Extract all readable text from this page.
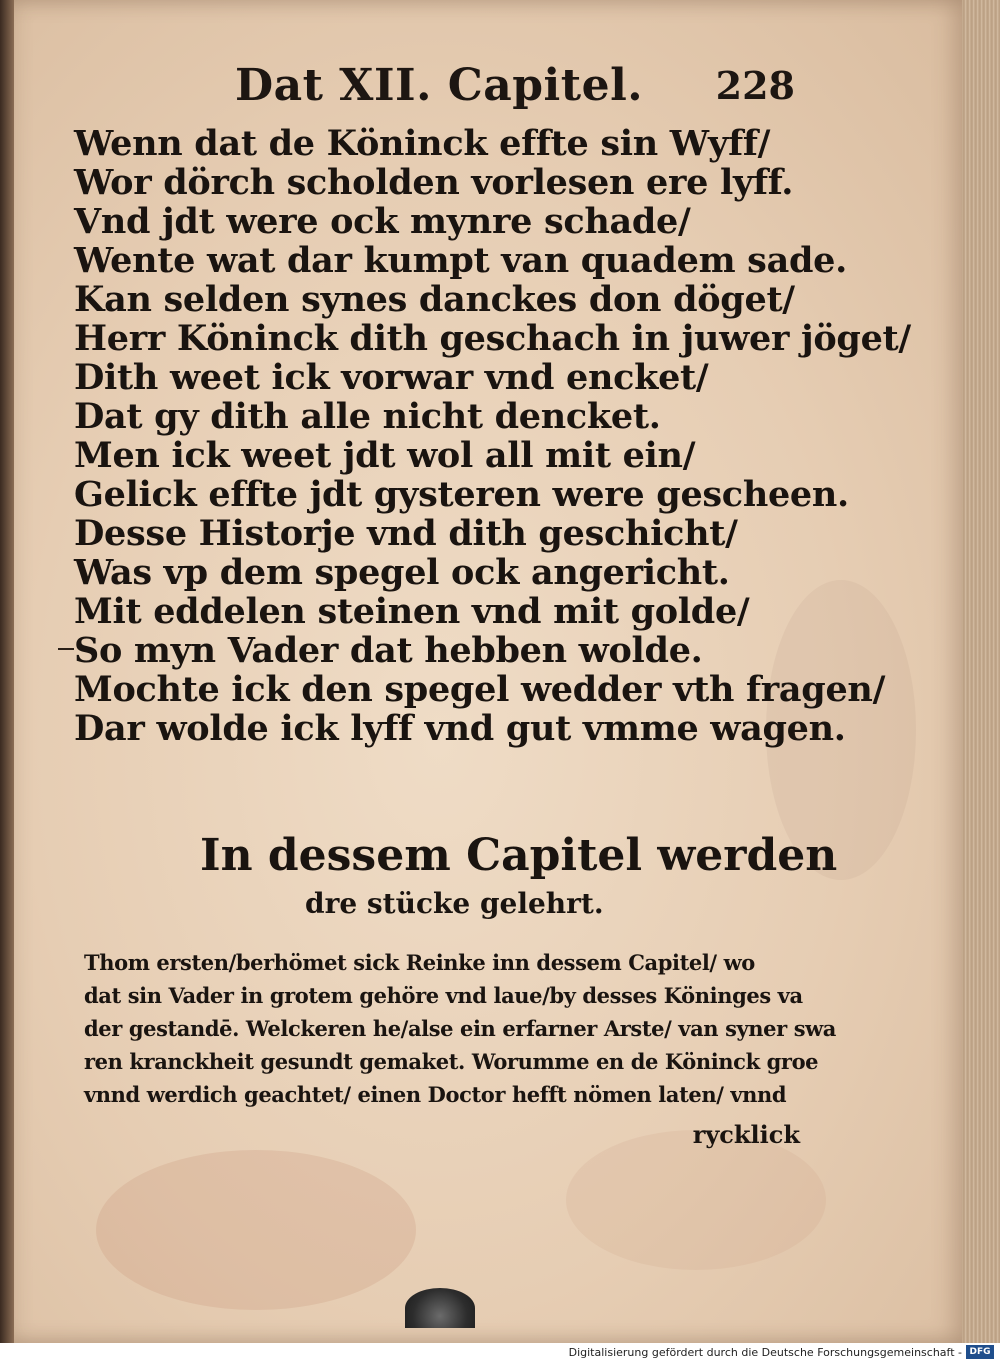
Dat XII. Capitel. 228
Wenn dat de Köninck effte sin Wyff/
Wor dörch scholden vorlesen ere lyff.
Vnd jdt were ock mynre schade/
Wente wat dar kumpt van quadem sade.
Kan selden synes danckes don döget/
Herr Köninck dith geschach in juwer jöget/
Dith weet ick vorwar vnd encket/
Dat gy dith alle nicht dencket.
Men ick weet jdt wol all mit ein/
Gelick effte jdt gysteren were gescheen.
Desse Historje vnd dith geschicht/
Was vp dem spegel ock angericht.
Mit eddelen steinen vnd mit golde/
So myn Vader dat hebben wolde.
Mochte ick den spegel wedder vth fragen/
Dar wolde ick lyff vnd gut vmme wagen.
In dessem Capitel werden
dre stücke gelehrt.
Thom ersten/berhömet sick Reinke inn dessem Capitel/ wo
dat sin Vader in grotem gehöre vnd laue/by desses Köninges va
der gestandē. Welckeren he/alse ein erfarner Arste/ van syner swa
ren kranckheit gesundt gemaket. Worumme en de Köninck groe
vnnd werdich geachtet/ einen Doctor hefft nömen laten/ vnnd
rycklick
Digitalisierung gefördert durch die Deutsche Forschungsgemeinschaft - DFG
